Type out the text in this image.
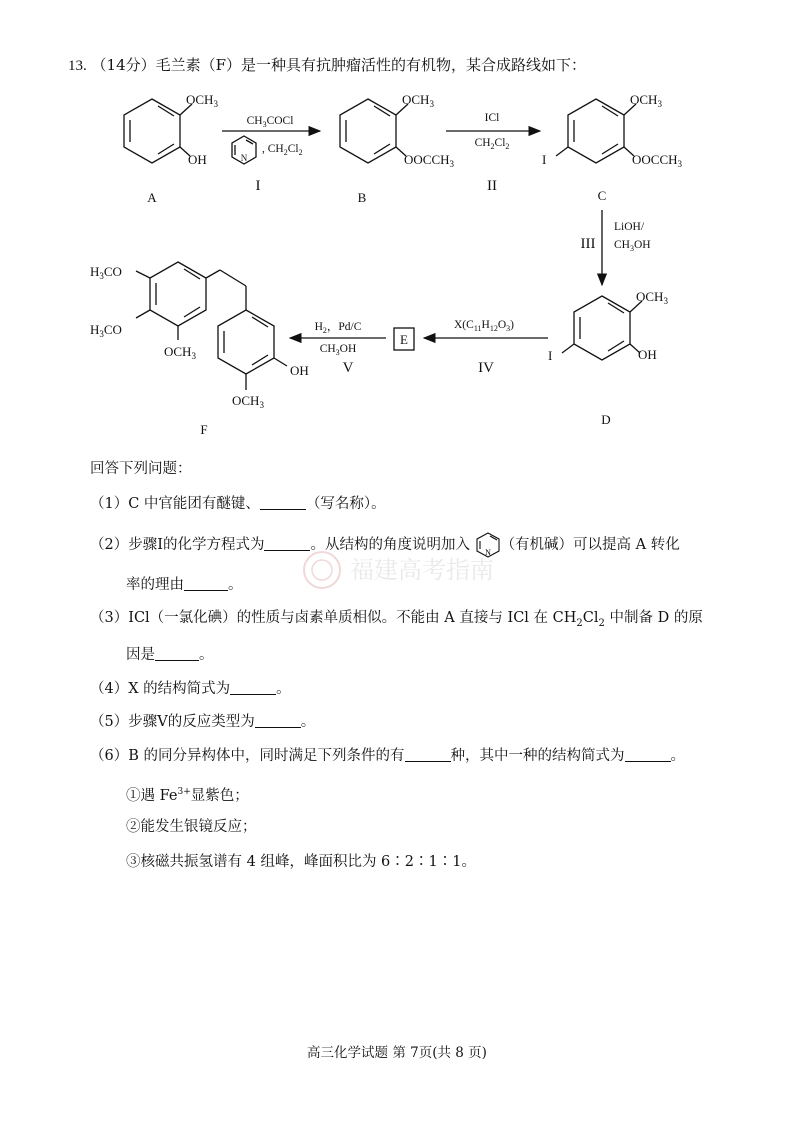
13. （14分）毛兰素（F）是一种具有抗肿瘤活性的有机物，某合成路线如下：
N
$OCH_3$
OH
A
$OCH_3$
$OOCCH_3$
B
$OCH_3$
$OOCCH_3$
I
C
$OCH_3$
OH
I
D
E
$H_3CO$
$H_3CO$
$OCH_3$
OH
$OCH_3$
F
$CH_3COCl$
, $CH_2Cl_2$
I
ICl
$CH_2Cl_2$
II
LiOH/
$CH_3OH$
III
$X(C_{11}H_{12}O_3)$
IV
$H_2$，Pd/C
$CH_3OH$
V
回答下列问题：
（1）C 中官能团有醚键、	（写名称）。
（2）步骤I的化学方程式为	。从结构的角度说明加入 N （有机碱）可以提高 A 转化
率的理由	。
（3）ICl（一氯化碘）的性质与卤素单质相似。不能由 A 直接与 ICl 在 $CH_2Cl_2$ 中制备 D 的原
因是	。
（4）X 的结构简式为	。
（5）步骤V的反应类型为	。
（6）B 的同分异构体中，同时满足下列条件的有	种，其中一种的结构简式为	。
①遇 $Fe^{3+}$显紫色；
②能发生银镜反应；
③核磁共振氢谱有 4 组峰，峰面积比为 6∶2∶1∶1。
福建高考指南
高三化学试题 第 7页(共 8 页)
